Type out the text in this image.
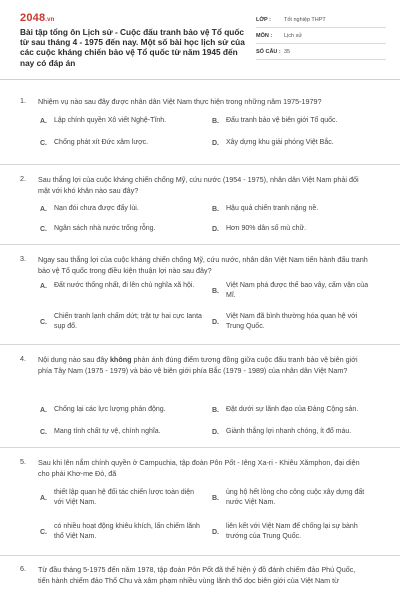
2048.vn
Bài tập tổng ôn Lịch sử - Cuộc đấu tranh bảo vệ Tổ quốc từ sau tháng 4 - 1975 đến nay. Một số bài học lịch sử của các cuộc kháng chiến bảo vệ Tổ quốc từ năm 1945 đến nay có đáp án
LỚP :	Tốt nghiệp THPT
MÔN :	Lịch sử
SỐ CÂU : 35
1. Nhiệm vụ nào sau đây được nhân dân Việt Nam thực hiện trong những năm 1975-1979?
A.	Lập chính quyền Xô viết Nghệ-Tĩnh.	B.	Đấu tranh bảo vệ biên giới Tổ quốc.
C.	Chống phát xít Đức xâm lược.	D.	Xây dựng khu giải phóng Việt Bắc.
2. Sau thắng lợi của cuộc kháng chiến chống Mỹ, cứu nước (1954 - 1975), nhân dân Việt Nam phải đối mặt với khó khăn nào sau đây?
A.	Nạn đói chưa được đẩy lùi.	B.	Hậu quả chiến tranh nặng nề.
C.	Ngân sách nhà nước trống rỗng.	D.	Hơn 90% dân số mù chữ.
3. Ngay sau thắng lợi của cuộc kháng chiến chống Mỹ, cứu nước, nhân dân Việt Nam tiến hành đấu tranh bảo vệ Tổ quốc trong điều kiện thuận lợi nào sau đây?
A.	Đất nước thống nhất, đi lên chủ nghĩa xã hội.
B.
Việt Nam phá được thế bao vây, cấm vận của Mĩ.
C.
Chiến tranh lạnh chấm dứt; trật tự hai cực Ianta sụp đổ.
D.
Việt Nam đã bình thường hóa quan hệ với Trung Quốc.
4. Nội dung nào sau đây không phản ánh đúng điểm tương đồng giữa cuộc đấu tranh bảo vệ biên giới phía Tây Nam (1975 - 1979) và bảo vệ biên giới phía Bắc (1979 - 1989) của nhân dân Việt Nam?
A.	Chống lại các lực lượng phản động.	B.	Đặt dưới sự lãnh đạo của Đảng Cộng sản.
C.	Mang tính chất tự vệ, chính nghĩa.	D.	Giành thắng lợi nhanh chóng, ít đổ máu.
5. Sau khi lên nắm chính quyền ở Campuchia, tập đoàn Pôn Pốt - Iêng Xa-ri - Khiêu Xămphon, đại diện cho phái Khơ-me Đỏ, đã
A.
thiết lập quan hệ đối tác chiến lược toàn diện với Việt Nam.
B.
ủng hộ hết lòng cho công cuộc xây dựng đất nước Việt Nam.
C.
có nhiều hoạt động khiêu khích, lấn chiếm lãnh thổ Việt Nam.
D.
liên kết với Việt Nam để chống lại sự bành trướng của Trung Quốc.
6. Từ đầu tháng 5-1975 đến năm 1978, tập đoàn Pôn Pốt đã thể hiện ý đồ đánh chiếm đảo Phú Quốc, tiến hành chiếm đảo Thổ Chu và xâm phạm nhiều vùng lãnh thổ dọc biên giới của Việt Nam từ
